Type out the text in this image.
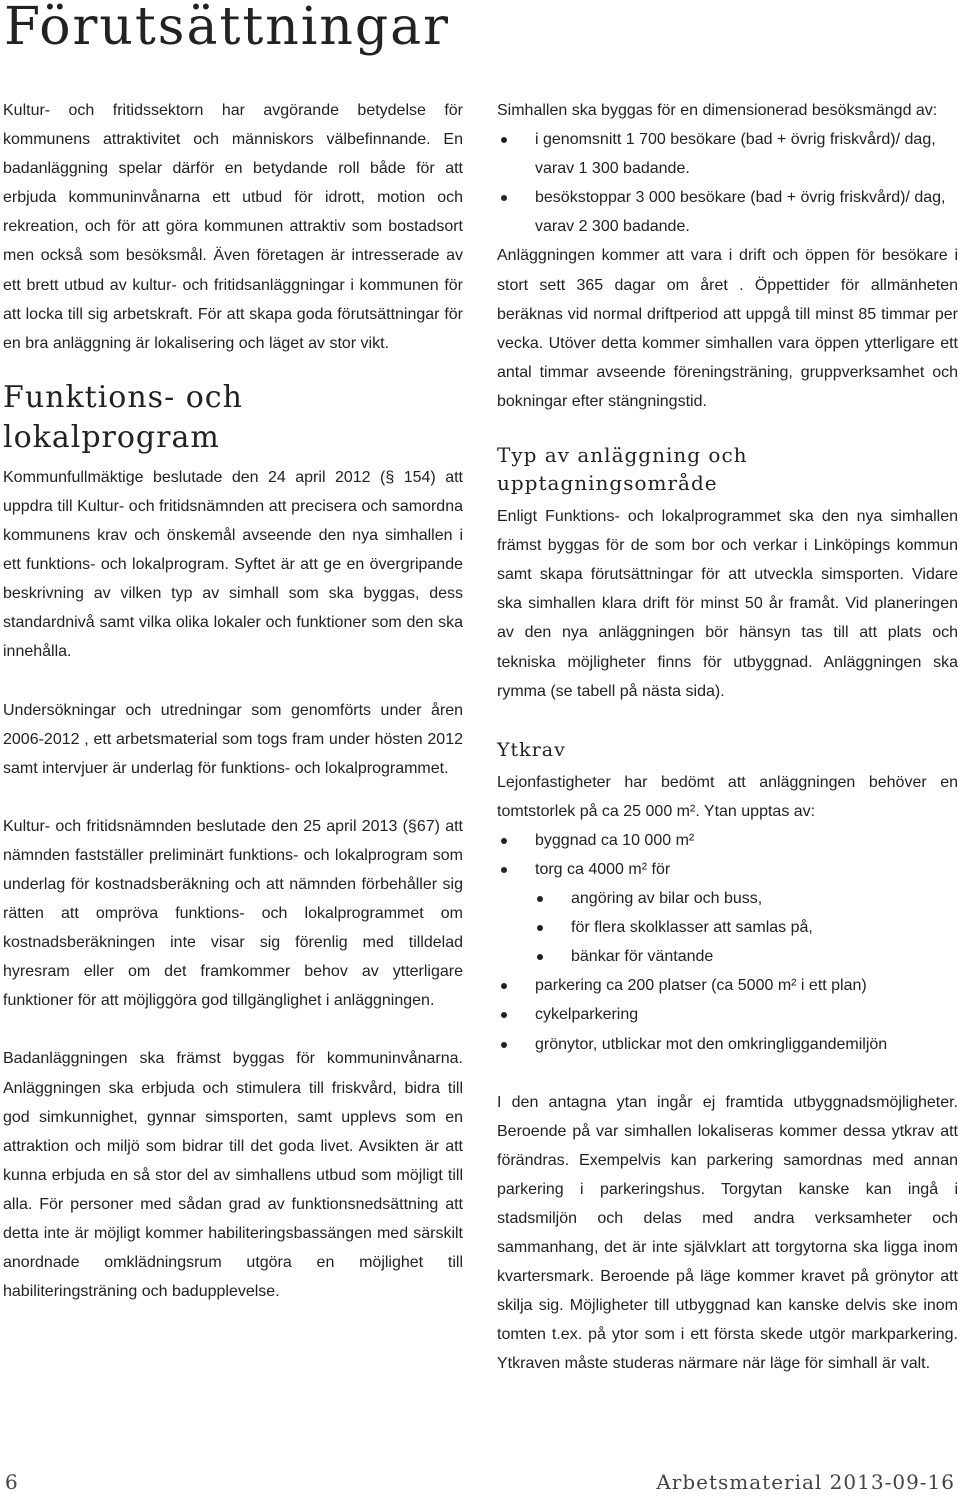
Förutsättningar

Kultur- och fritidssektorn har avgörande betydelse för kommunens attraktivitet och människors välbefinnande. En badanläggning spelar därför en betydande roll både för att erbjuda kommuninvånarna ett utbud för idrott, motion och rekreation, och för att göra kommunen attraktiv som bostadsort men också som besöksmål. Även företagen är intresserade av ett brett utbud av kultur- och fritidsanläggningar i kommunen för att locka till sig arbetskraft. För att skapa goda förutsättningar för en bra anläggning är lokalisering och läget av stor vikt.

Funktions- och lokalprogram

Kommunfullmäktige beslutade den 24 april 2012 (§ 154) att uppdra till Kultur- och fritidsnämnden att precisera och samordna kommunens krav och önskemål avseende den nya simhallen i ett funktions- och lokalprogram. Syftet är att ge en övergripande beskrivning av vilken typ av simhall som ska byggas, dess standardnivå samt vilka olika lokaler och funktioner som den ska innehålla.

Undersökningar och utredningar som genomförts under åren 2006-2012 , ett arbetsmaterial som togs fram under hösten 2012 samt intervjuer är underlag för funktions- och lokalprogrammet.

Kultur- och fritidsnämnden beslutade den 25 april 2013 (§67) att nämnden fastställer preliminärt funktions- och lokalprogram som underlag för kostnadsberäkning och att nämnden förbehåller sig rätten att ompröva funktions- och lokalprogrammet om kostnadsberäkningen inte visar sig förenlig med tilldelad hyresram eller om det framkommer behov av ytterligare funktioner för att möjliggöra god tillgänglighet i anläggningen.

Badanläggningen ska främst byggas för kommuninvånarna. Anläggningen ska erbjuda och stimulera till friskvård, bidra till god simkunnighet, gynnar simsporten, samt upplevs som en attraktion och miljö som bidrar till det goda livet. Avsikten är att kunna erbjuda en så stor del av simhallens utbud som möjligt till alla. För personer med sådan grad av funktionsnedsättning att detta inte är möjligt kommer habiliteringsbassängen med särskilt anordnade omklädningsrum utgöra en möjlighet till habiliteringsträning och badupplevelse.

Simhallen ska byggas för en dimensionerad besöksmängd av:

i genomsnitt 1 700 besökare (bad + övrig friskvård)/ dag, varav 1 300 badande.
besökstoppar 3 000 besökare (bad + övrig friskvård)/ dag, varav 2 300 badande.

Anläggningen kommer att vara i drift och öppen för besökare i stort sett 365 dagar om året . Öppettider för allmänheten beräknas vid normal driftperiod att uppgå till minst 85 timmar per vecka. Utöver detta kommer simhallen vara öppen ytterligare ett antal timmar avseende föreningsträning, gruppverksamhet och bokningar efter stängningstid.

Typ av anläggning och upptagningsområde

Enligt Funktions- och lokalprogrammet ska den nya simhallen främst byggas för de som bor och verkar i Linköpings kommun samt skapa förutsättningar för att utveckla simsporten. Vidare ska simhallen klara drift för minst 50 år framåt. Vid planeringen av den nya anläggningen bör hänsyn tas till att plats och tekniska möjligheter finns för utbyggnad. Anläggningen ska rymma (se tabell på nästa sida).

Ytkrav

Lejonfastigheter har bedömt att anläggningen behöver en tomtstorlek på ca 25 000 m². Ytan upptas av:

byggnad ca 10 000 m²
torg ca 4000 m² för
angöring av bilar och buss,
för flera skolklasser att samlas på,
bänkar för väntande
parkering ca 200 platser (ca 5000 m² i ett plan)
cykelparkering
grönytor, utblickar mot den omkringliggandemiljön

I den antagna ytan ingår ej framtida utbyggnadsmöjligheter. Beroende på var simhallen lokaliseras kommer dessa ytkrav att förändras. Exempelvis kan parkering samordnas med annan parkering i parkeringshus. Torgytan kanske kan ingå i stadsmiljön och delas med andra verksamheter och sammanhang, det är inte självklart att torgytorna ska ligga inom kvartersmark. Beroende på läge kommer kravet på grönytor att skilja sig. Möjligheter till utbyggnad kan kanske delvis ske inom tomten t.ex. på ytor som i ett första skede utgör markparkering. Ytkraven måste studeras närmare när läge för simhall är valt.

6	Arbetsmaterial 2013-09-16
